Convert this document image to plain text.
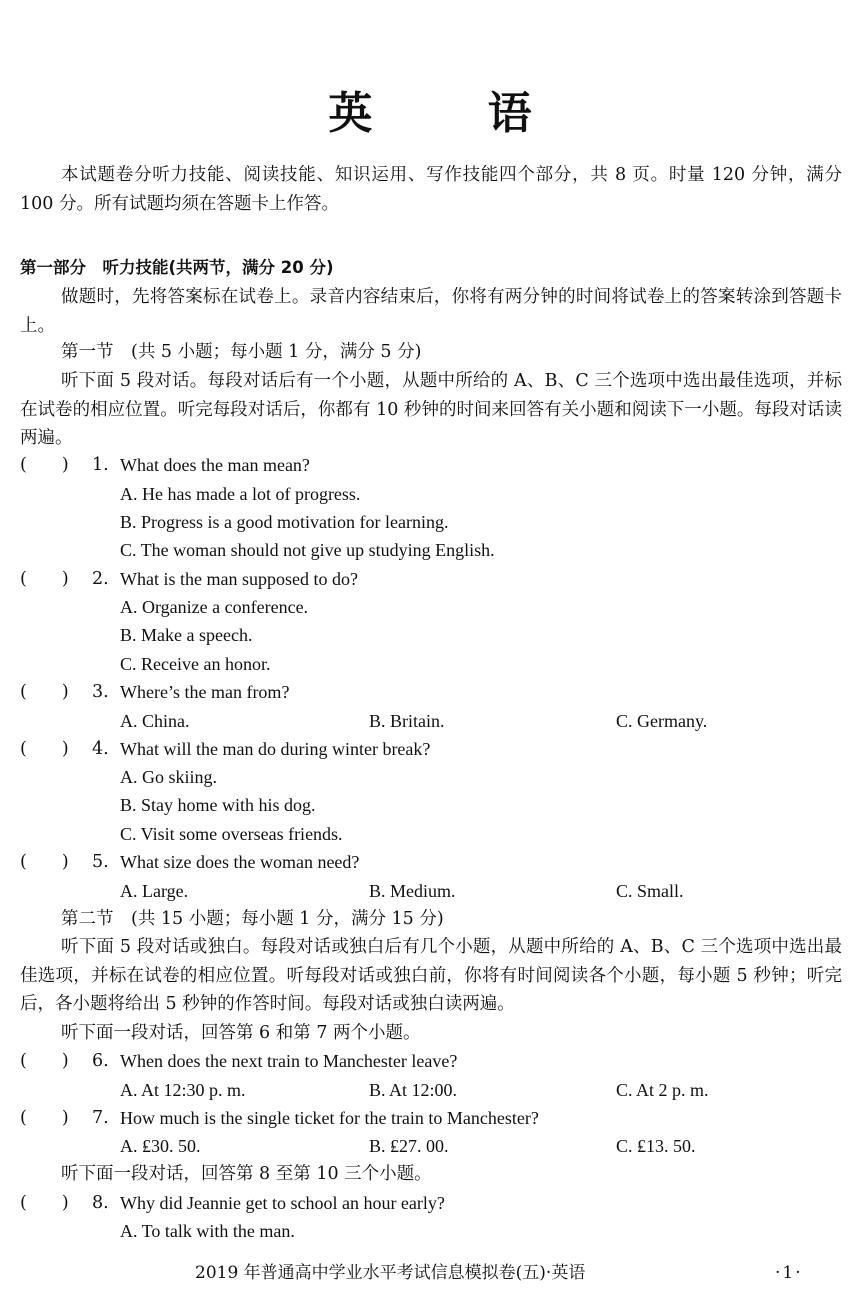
英 语
本试题卷分听力技能、阅读技能、知识运用、写作技能四个部分，共 8 页。时量 120 分钟，满分 100 分。所有试题均须在答题卡上作答。
第一部分　听力技能(共两节，满分 20 分)
做题时，先将答案标在试卷上。录音内容结束后，你将有两分钟的时间将试卷上的答案转涂到答题卡上。
第一节　(共 5 小题；每小题 1 分，满分 5 分)
听下面 5 段对话。每段对话后有一个小题，从题中所给的 A、B、C 三个选项中选出最佳选项，并标在试卷的相应位置。听完每段对话后，你都有 10 秒钟的时间来回答有关小题和阅读下一小题。每段对话读两遍。
(　　) 1. What does the man mean?
A. He has made a lot of progress.
B. Progress is a good motivation for learning.
C. The woman should not give up studying English.
(　　) 2. What is the man supposed to do?
A. Organize a conference.
B. Make a speech.
C. Receive an honor.
(　　) 3. Where’s the man from?
A. China.	B. Britain.	C. Germany.
(　　) 4. What will the man do during winter break?
A. Go skiing.
B. Stay home with his dog.
C. Visit some overseas friends.
(　　) 5. What size does the woman need?
A. Large.	B. Medium.	C. Small.
第二节　(共 15 小题；每小题 1 分，满分 15 分)
听下面 5 段对话或独白。每段对话或独白后有几个小题，从题中所给的 A、B、C 三个选项中选出最佳选项，并标在试卷的相应位置。听每段对话或独白前，你将有时间阅读各个小题，每小题 5 秒钟；听完后，各小题将给出 5 秒钟的作答时间。每段对话或独白读两遍。
听下面一段对话，回答第 6 和第 7 两个小题。
(　　) 6. When does the next train to Manchester leave?
A. At 12:30 p. m.	B. At 12:00.	C. At 2 p. m.
(　　) 7. How much is the single ticket for the train to Manchester?
A. ₤30. 50.	B. ₤27. 00.	C. ₤13. 50.
听下面一段对话，回答第 8 至第 10 三个小题。
(　　) 8. Why did Jeannie get to school an hour early?
A. To talk with the man.
2019 年普通高中学业水平考试信息模拟卷(五)·英语	·1·
